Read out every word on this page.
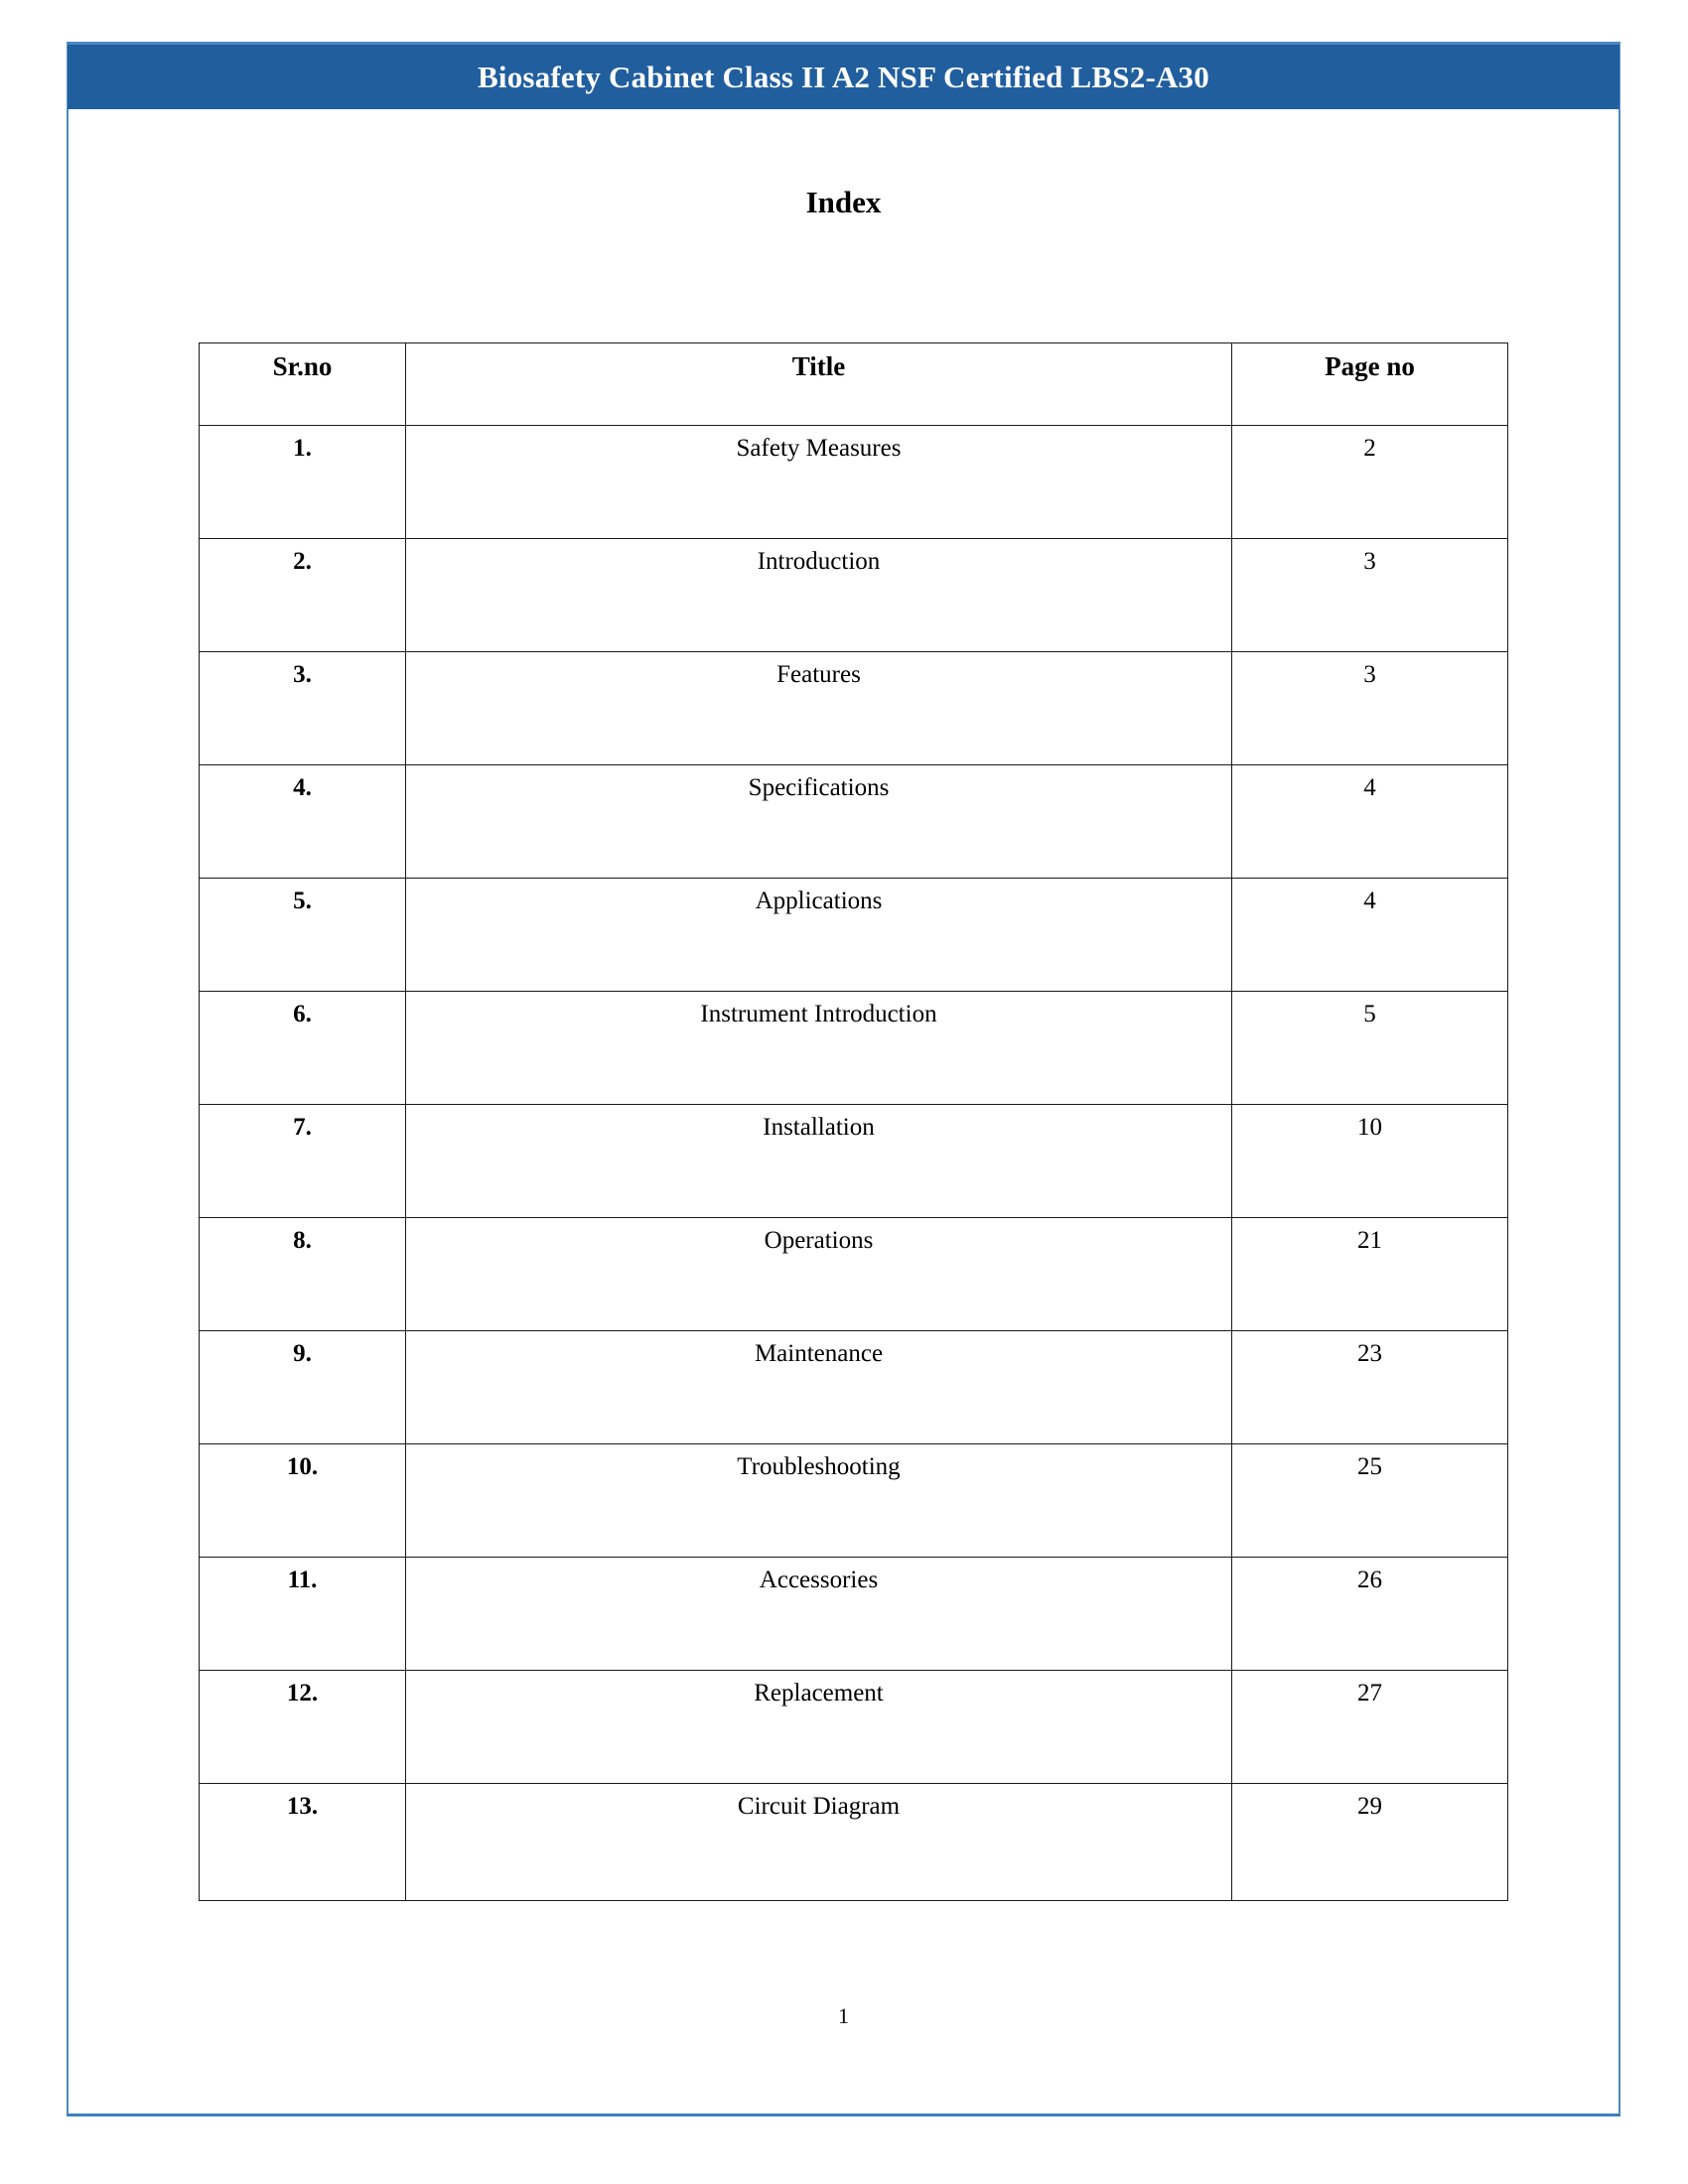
Biosafety Cabinet Class II A2 NSF Certified LBS2-A30
Index
Sr.no	Title	Page no
1.	Safety Measures	2
2.	Introduction	3
3.	Features	3
4.	Specifications	4
5.	Applications	4
6.	Instrument Introduction	5
7.	Installation	10
8.	Operations	21
9.	Maintenance	23
10.	Troubleshooting	25
11.	Accessories	26
12.	Replacement	27
13.	Circuit Diagram	29
1
